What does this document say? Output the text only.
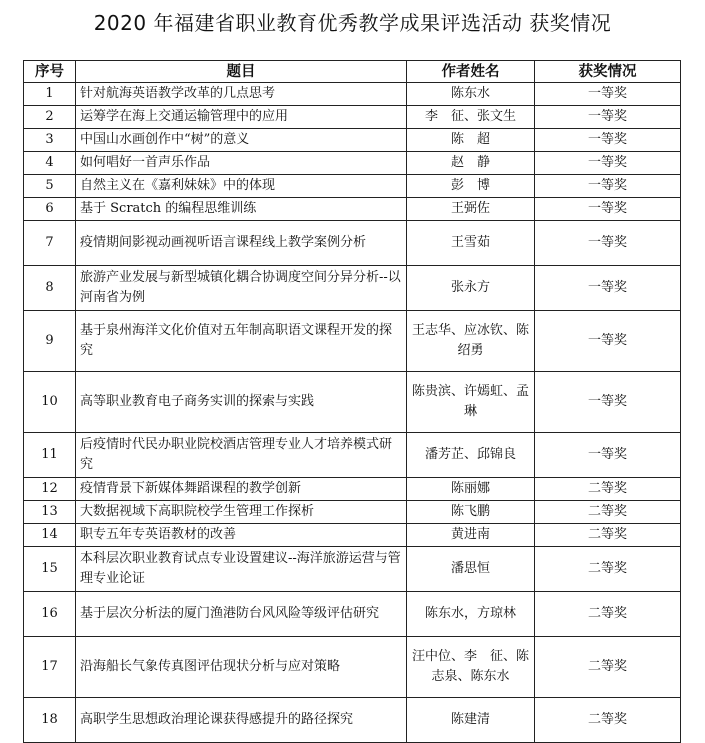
2020 年福建省职业教育优秀教学成果评选活动 获奖情况
序号	题目	作者姓名	获奖情况
1	针对航海英语教学改革的几点思考	陈东水	一等奖
2	运筹学在海上交通运输管理中的应用	李　征、张文生	一等奖
3	中国山水画创作中“树”的意义	陈　超	一等奖
4	如何唱好一首声乐作品	赵　静	一等奖
5	自然主义在《嘉利妹妹》中的体现	彭　博	一等奖
6	基于 Scratch 的编程思维训练	王弼佐	一等奖
7	疫情期间影视动画视听语言课程线上教学案例分析	王雪茹	一等奖
8	旅游产业发展与新型城镇化耦合协调度空间分异分析--以河南省为例	张永方	一等奖
9	基于泉州海洋文化价值对五年制高职语文课程开发的探究	王志华、应冰钦、陈绍勇	一等奖
10	高等职业教育电子商务实训的探索与实践	陈贵滨、许嫣虹、孟　琳	一等奖
11	后疫情时代民办职业院校酒店管理专业人才培养模式研究	潘芳芷、邱锦良	一等奖
12	疫情背景下新媒体舞蹈课程的教学创新	陈丽娜	二等奖
13	大数据视域下高职院校学生管理工作探析	陈飞鹏	二等奖
14	职专五年专英语教材的改善	黄进南	二等奖
15	本科层次职业教育试点专业设置建议--海洋旅游运营与管理专业论证	潘思恒	二等奖
16	基于层次分析法的厦门渔港防台风风险等级评估研究	陈东水，方琼林	二等奖
17	沿海船长气象传真图评估现状分析与应对策略	汪中位、李　征、陈志泉、陈东水	二等奖
18	高职学生思想政治理论课获得感提升的路径探究	陈建清	二等奖
